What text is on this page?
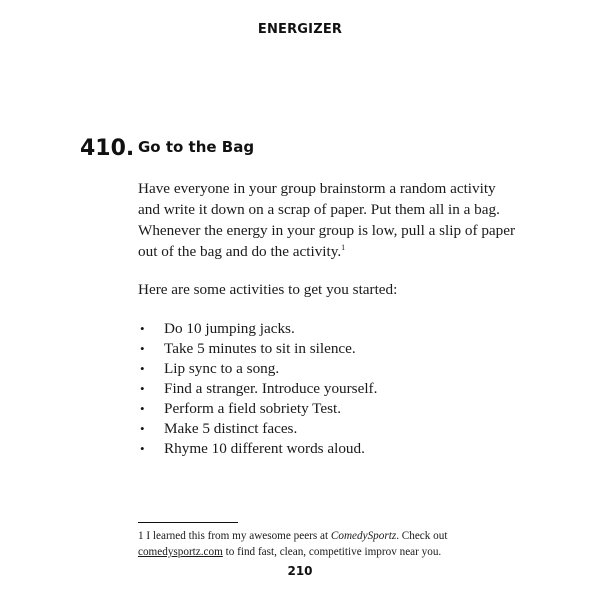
ENERGIZER
410. Go to the Bag

Have everyone in your group brainstorm a random activity and write it down on a scrap of paper. Put them all in a bag. Whenever the energy in your group is low, pull a slip of paper out of the bag and do the activity.$^1$

Here are some activities to get you started:

• Do 10 jumping jacks.
• Take 5 minutes to sit in silence.
• Lip sync to a song.
• Find a stranger. Introduce yourself.
• Perform a field sobriety Test.
• Make 5 distinct faces.
• Rhyme 10 different words aloud.

1 I learned this from my awesome peers at ComedySportz. Check out comedysportz.com to find fast, clean, competitive improv near you.

210
